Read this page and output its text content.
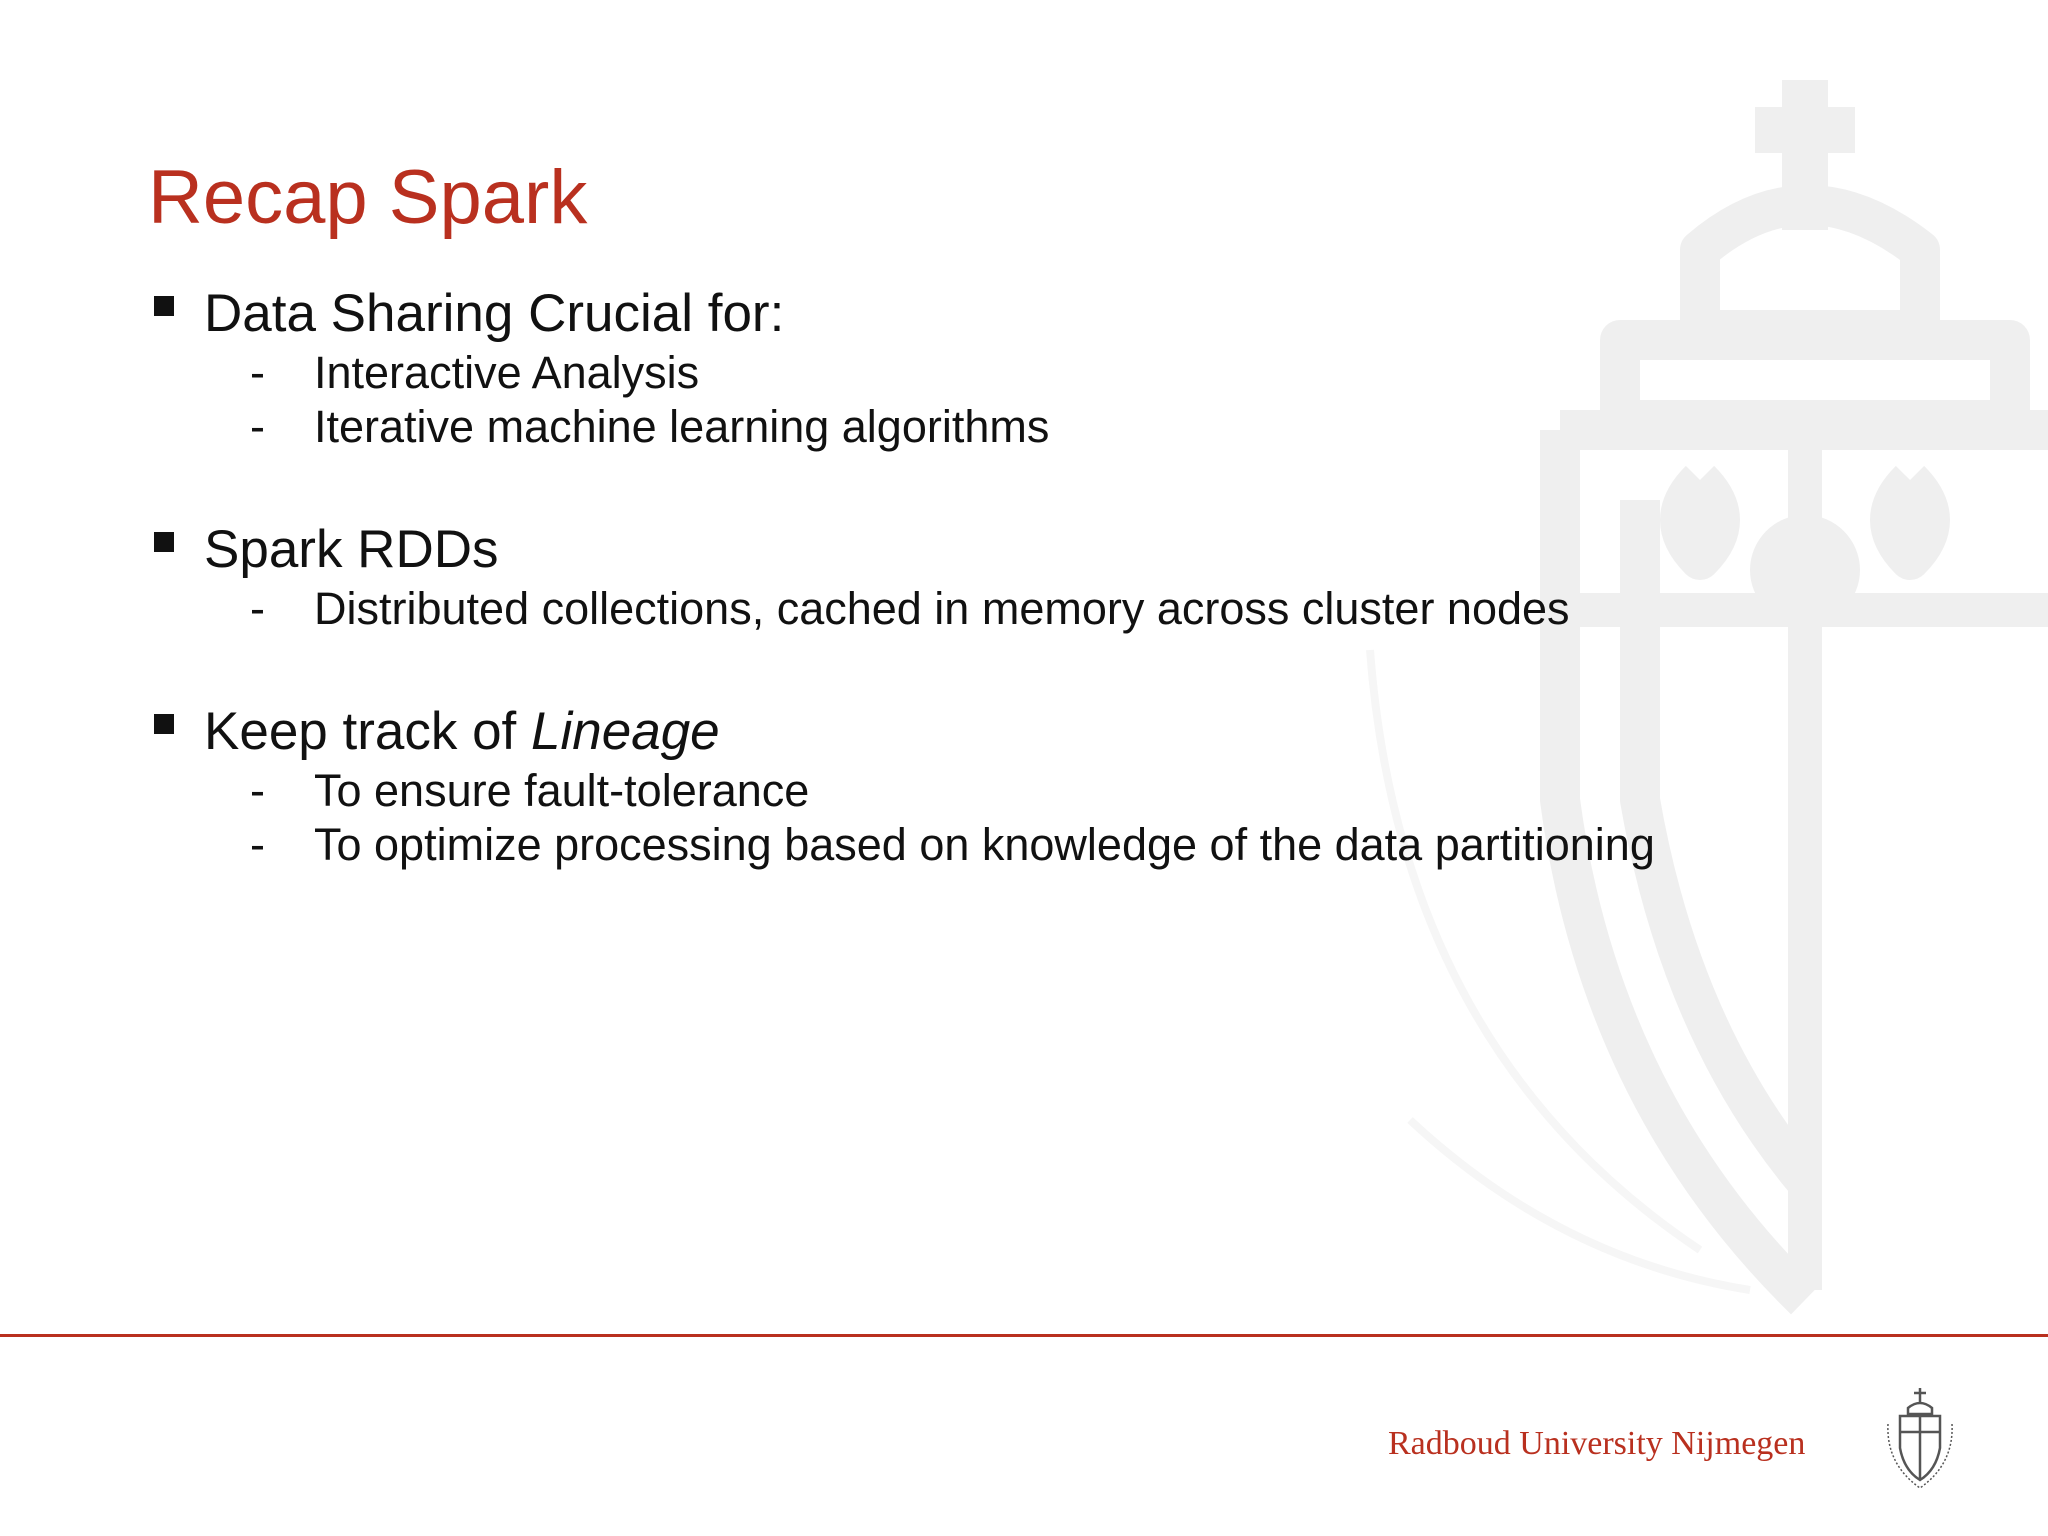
Recap Spark
Data Sharing Crucial for:
- Interactive Analysis
- Iterative machine learning algorithms
Spark RDDs
- Distributed collections, cached in memory across cluster nodes
Keep track of Lineage
- To ensure fault-tolerance
- To optimize processing based on knowledge of the data partitioning
Radboud University Nijmegen
